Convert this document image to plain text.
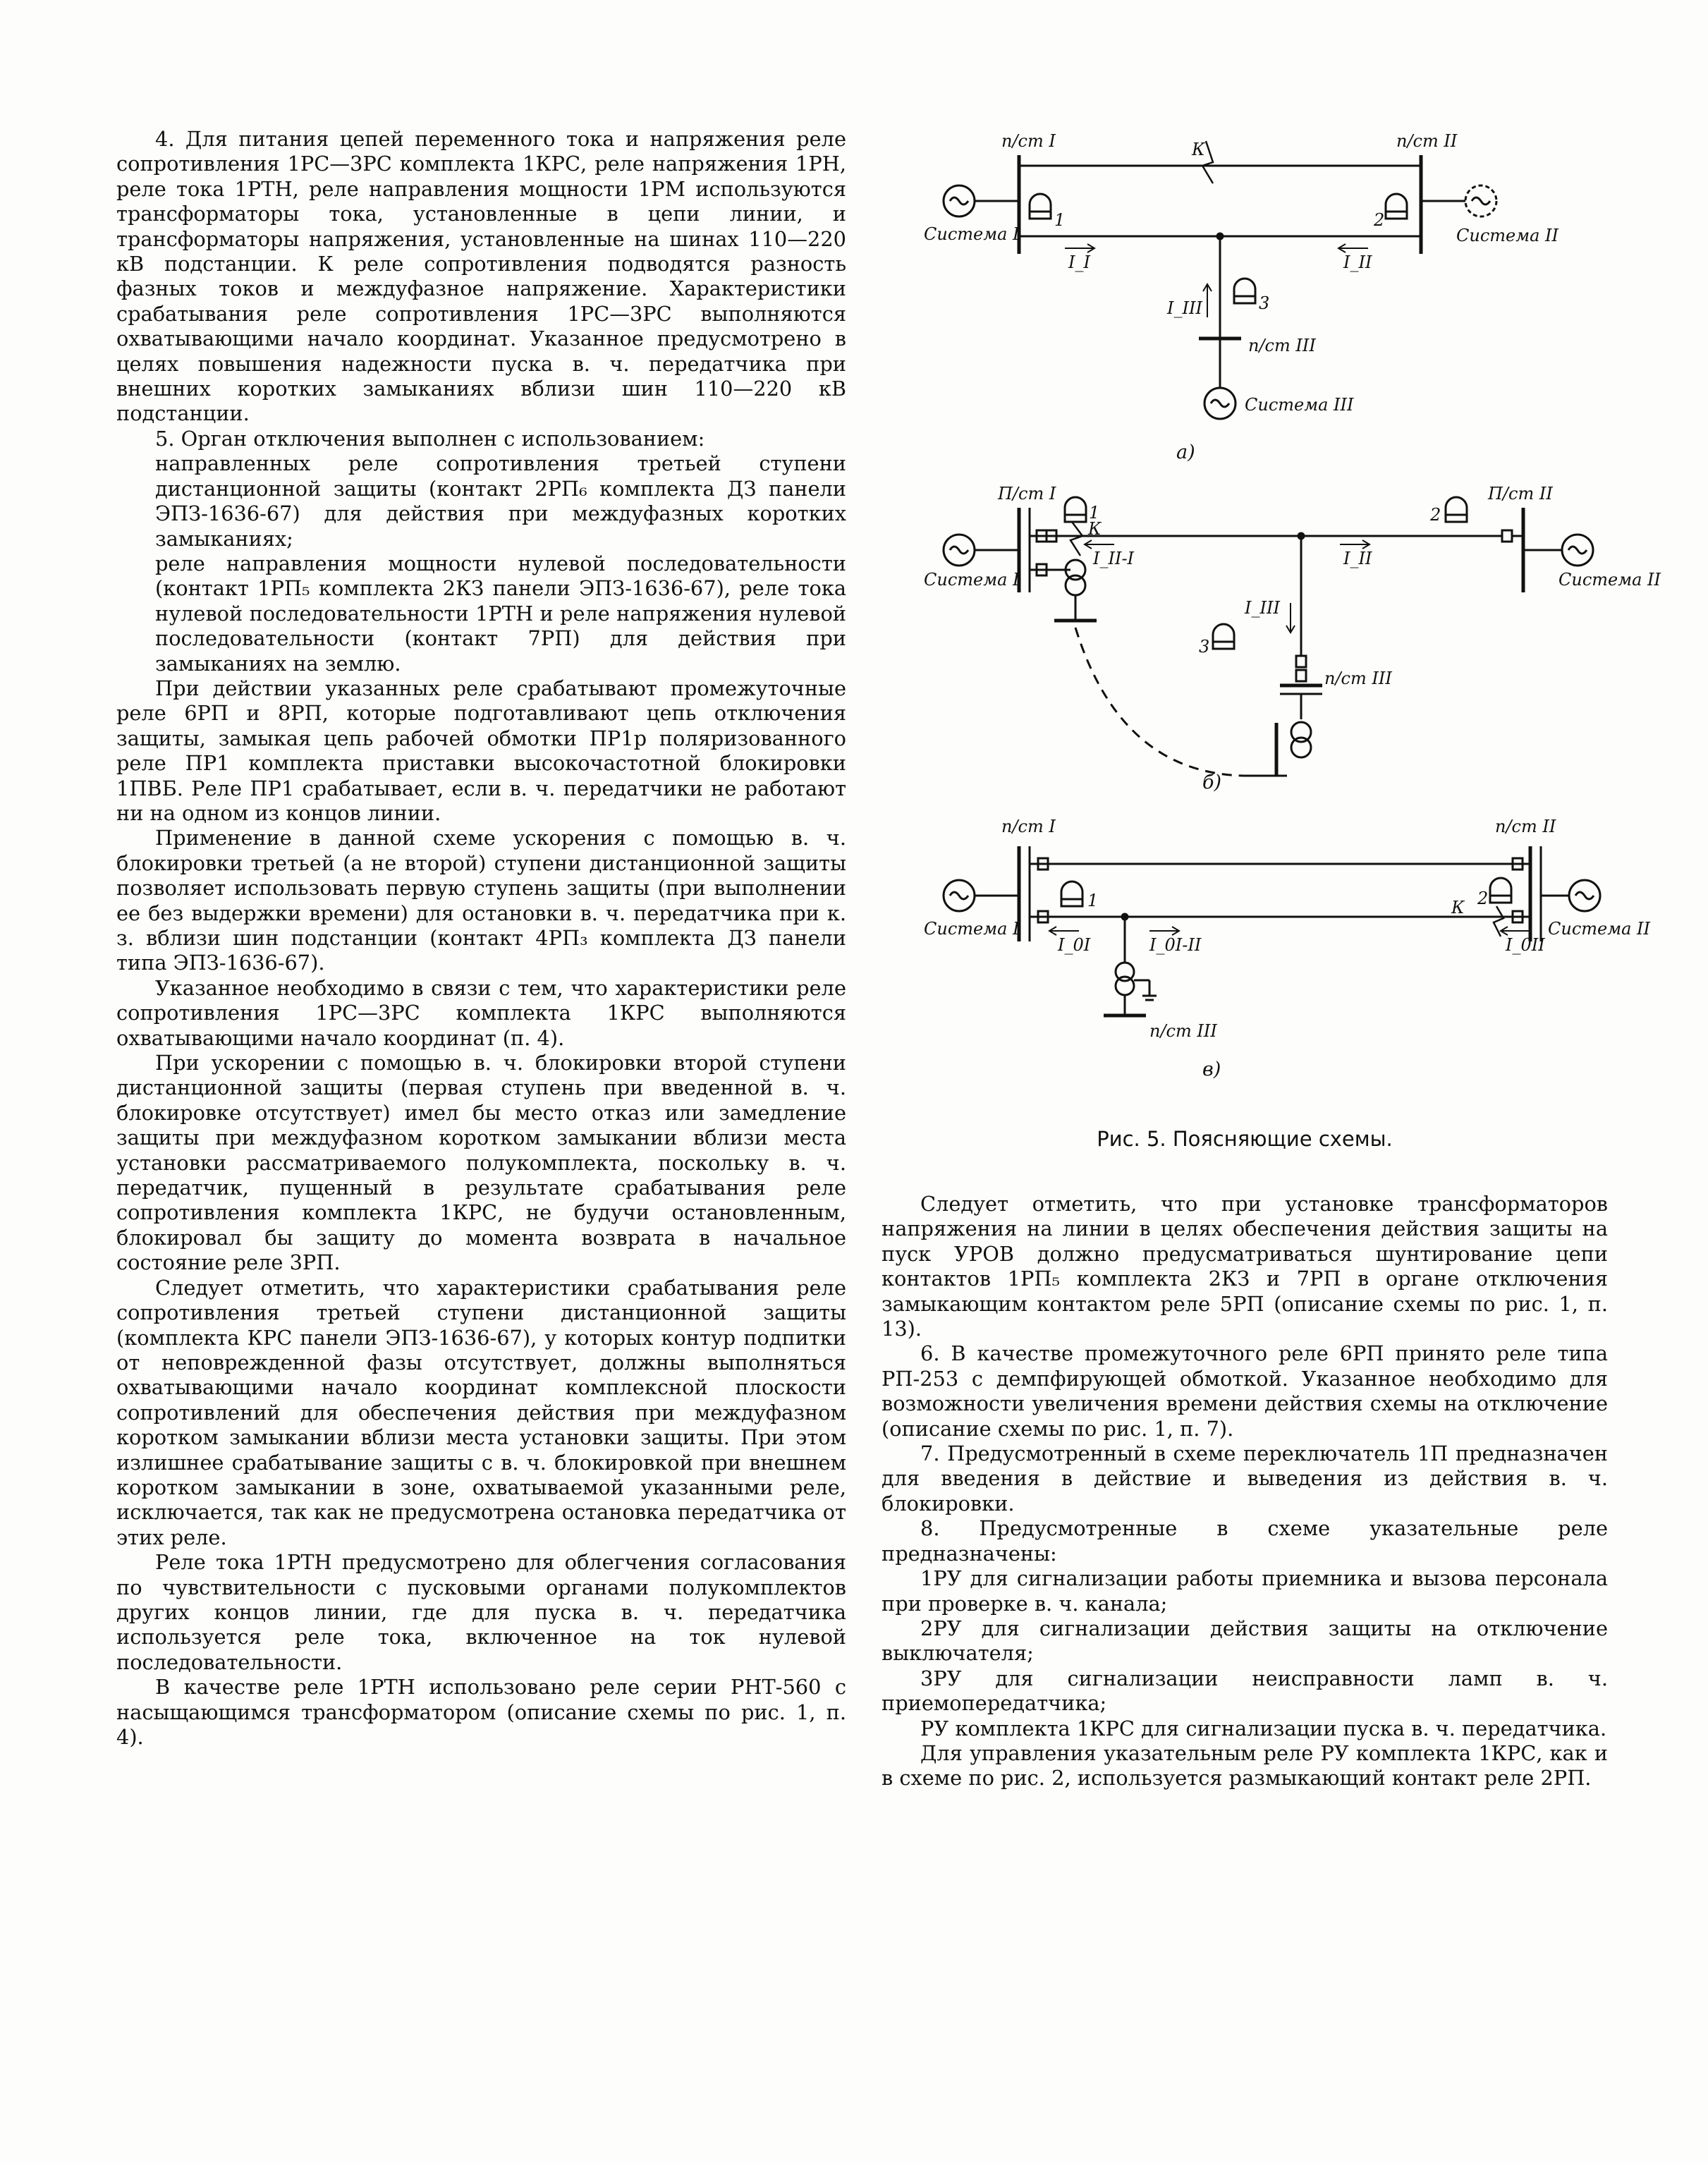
4. Для питания цепей переменного тока и напряжения реле сопротивления 1РС—3РС комплекта 1КРС, реле напряжения 1РН, реле тока 1РТН, реле направления мощности 1РМ используются трансформаторы тока, установленные в цепи линии, и трансформаторы напряжения, установленные на шинах 110—220 кВ подстанции. К реле сопротивления подводятся разность фазных токов и междуфазное напряжение. Характеристики срабатывания реле сопротивления 1РС—3РС выполняются охватывающими начало координат. Указанное предусмотрено в целях повышения надежности пуска в. ч. передатчика при внешних коротких замыканиях вблизи шин 110—220 кВ подстанции.

5. Орган отключения выполнен с использованием:

направленных реле сопротивления третьей ступени дистанционной защиты (контакт 2РП₆ комплекта ДЗ панели ЭПЗ-1636-67) для действия при междуфазных коротких замыканиях;

реле направления мощности нулевой последовательности (контакт 1РП₅ комплекта 2КЗ панели ЭПЗ-1636-67), реле тока нулевой последовательности 1РТН и реле напряжения нулевой последовательности (контакт 7РП) для действия при замыканиях на землю.

При действии указанных реле срабатывают промежуточные реле 6РП и 8РП, которые подготавливают цепь отключения защиты, замыкая цепь рабочей обмотки ПР1р поляризованного реле ПР1 комплекта приставки высокочастотной блокировки 1ПВБ. Реле ПР1 срабатывает, если в. ч. передатчики не работают ни на одном из концов линии.

Применение в данной схеме ускорения с помощью в. ч. блокировки третьей (а не второй) ступени дистанционной защиты позволяет использовать первую ступень защиты (при выполнении ее без выдержки времени) для остановки в. ч. передатчика при к. з. вблизи шин подстанции (контакт 4РП₃ комплекта ДЗ панели типа ЭПЗ-1636-67).

Указанное необходимо в связи с тем, что характеристики реле сопротивления 1РС—3РС комплекта 1КРС выполняются охватывающими начало координат (п. 4).

При ускорении с помощью в. ч. блокировки второй ступени дистанционной защиты (первая ступень при введенной в. ч. блокировке отсутствует) имел бы место отказ или замедление защиты при междуфазном коротком замыкании вблизи места установки рассматриваемого полукомплекта, поскольку в. ч. передатчик, пущенный в результате срабатывания реле сопротивления комплекта 1КРС, не будучи остановленным, блокировал бы защиту до момента возврата в начальное состояние реле 3РП.

Следует отметить, что характеристики срабатывания реле сопротивления третьей ступени дистанционной защиты (комплекта КРС панели ЭПЗ-1636-67), у которых контур подпитки от неповрежденной фазы отсутствует, должны выполняться охватывающими начало координат комплексной плоскости сопротивлений для обеспечения действия при междуфазном коротком замыкании вблизи места установки защиты. При этом излишнее срабатывание защиты с в. ч. блокировкой при внешнем коротком замыкании в зоне, охватываемой указанными реле, исключается, так как не предусмотрена остановка передатчика от этих реле.

Реле тока 1РТН предусмотрено для облегчения согласования по чувствительности с пусковыми органами полукомплектов других концов линии, где для пуска в. ч. передатчика используется реле тока, включенное на ток нулевой последовательности.

В качестве реле 1РТН использовано реле серии РНТ-560 с насыщающимся трансформатором (описание схемы по рис. 1, п. 4).

п/ст I	п/ст II
п/ст III
Система I	Система II
Система III
К
I_I	I_II
I_III
1	2
3
а)
П/ст I	П/ст II
п/ст III
Система I	Система II
К
I_II-I	I_II
I_III
1	2
3
б)
п/ст I	п/ст II
п/ст III
Система I	Система II
К
I_0I	I_0I-II	I_0II
1	2
в)
Рис. 5. Поясняющие схемы.

Следует отметить, что при установке трансформаторов напряжения на линии в целях обеспечения действия защиты на пуск УРОВ должно предусматриваться шунтирование цепи контактов 1РП₅ комплекта 2КЗ и 7РП в органе отключения замыкающим контактом реле 5РП (описание схемы по рис. 1, п. 13).

6. В качестве промежуточного реле 6РП принято реле типа РП-253 с демпфирующей обмоткой. Указанное необходимо для возможности увеличения времени действия схемы на отключение (описание схемы по рис. 1, п. 7).

7. Предусмотренный в схеме переключатель 1П предназначен для введения в действие и выведения из действия в. ч. блокировки.

8. Предусмотренные в схеме указательные реле предназначены:

1РУ для сигнализации работы приемника и вызова персонала при проверке в. ч. канала;

2РУ для сигнализации действия защиты на отключение выключателя;

3РУ для сигнализации неисправности ламп в. ч. приемопередатчика;

РУ комплекта 1КРС для сигнализации пуска в. ч. передатчика.

Для управления указательным реле РУ комплекта 1КРС, как и в схеме по рис. 2, используется размыкающий контакт реле 2РП.
